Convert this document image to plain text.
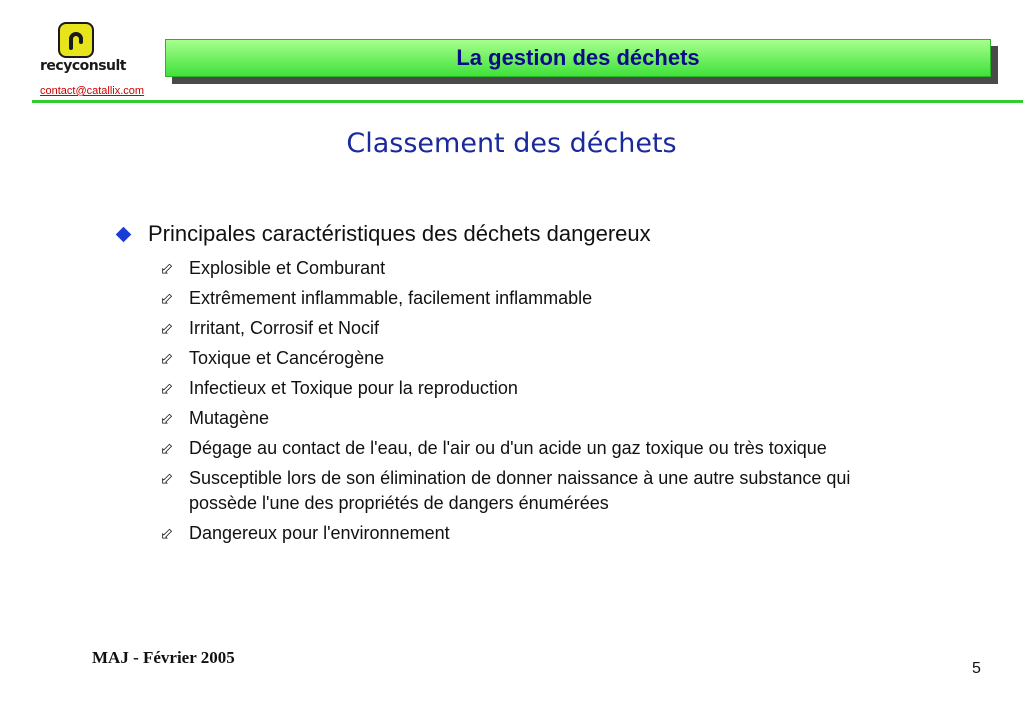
recyconsult
contact@catallix.com
La gestion des déchets
Classement des déchets
Principales caractéristiques des déchets dangereux
⬃ Explosible et Comburant
⬃ Extrêmement inflammable, facilement inflammable
⬃ Irritant, Corrosif et Nocif
⬃ Toxique et Cancérogène
⬃ Infectieux et Toxique pour la reproduction
⬃ Mutagène
⬃ Dégage au contact de l'eau, de l'air ou d'un acide un gaz toxique ou très toxique
⬃ Susceptible lors de son élimination de donner naissance à une autre substance qui possède l'une des propriétés de dangers énumérées
⬃ Dangereux pour l'environnement
MAJ - Février 2005
5
